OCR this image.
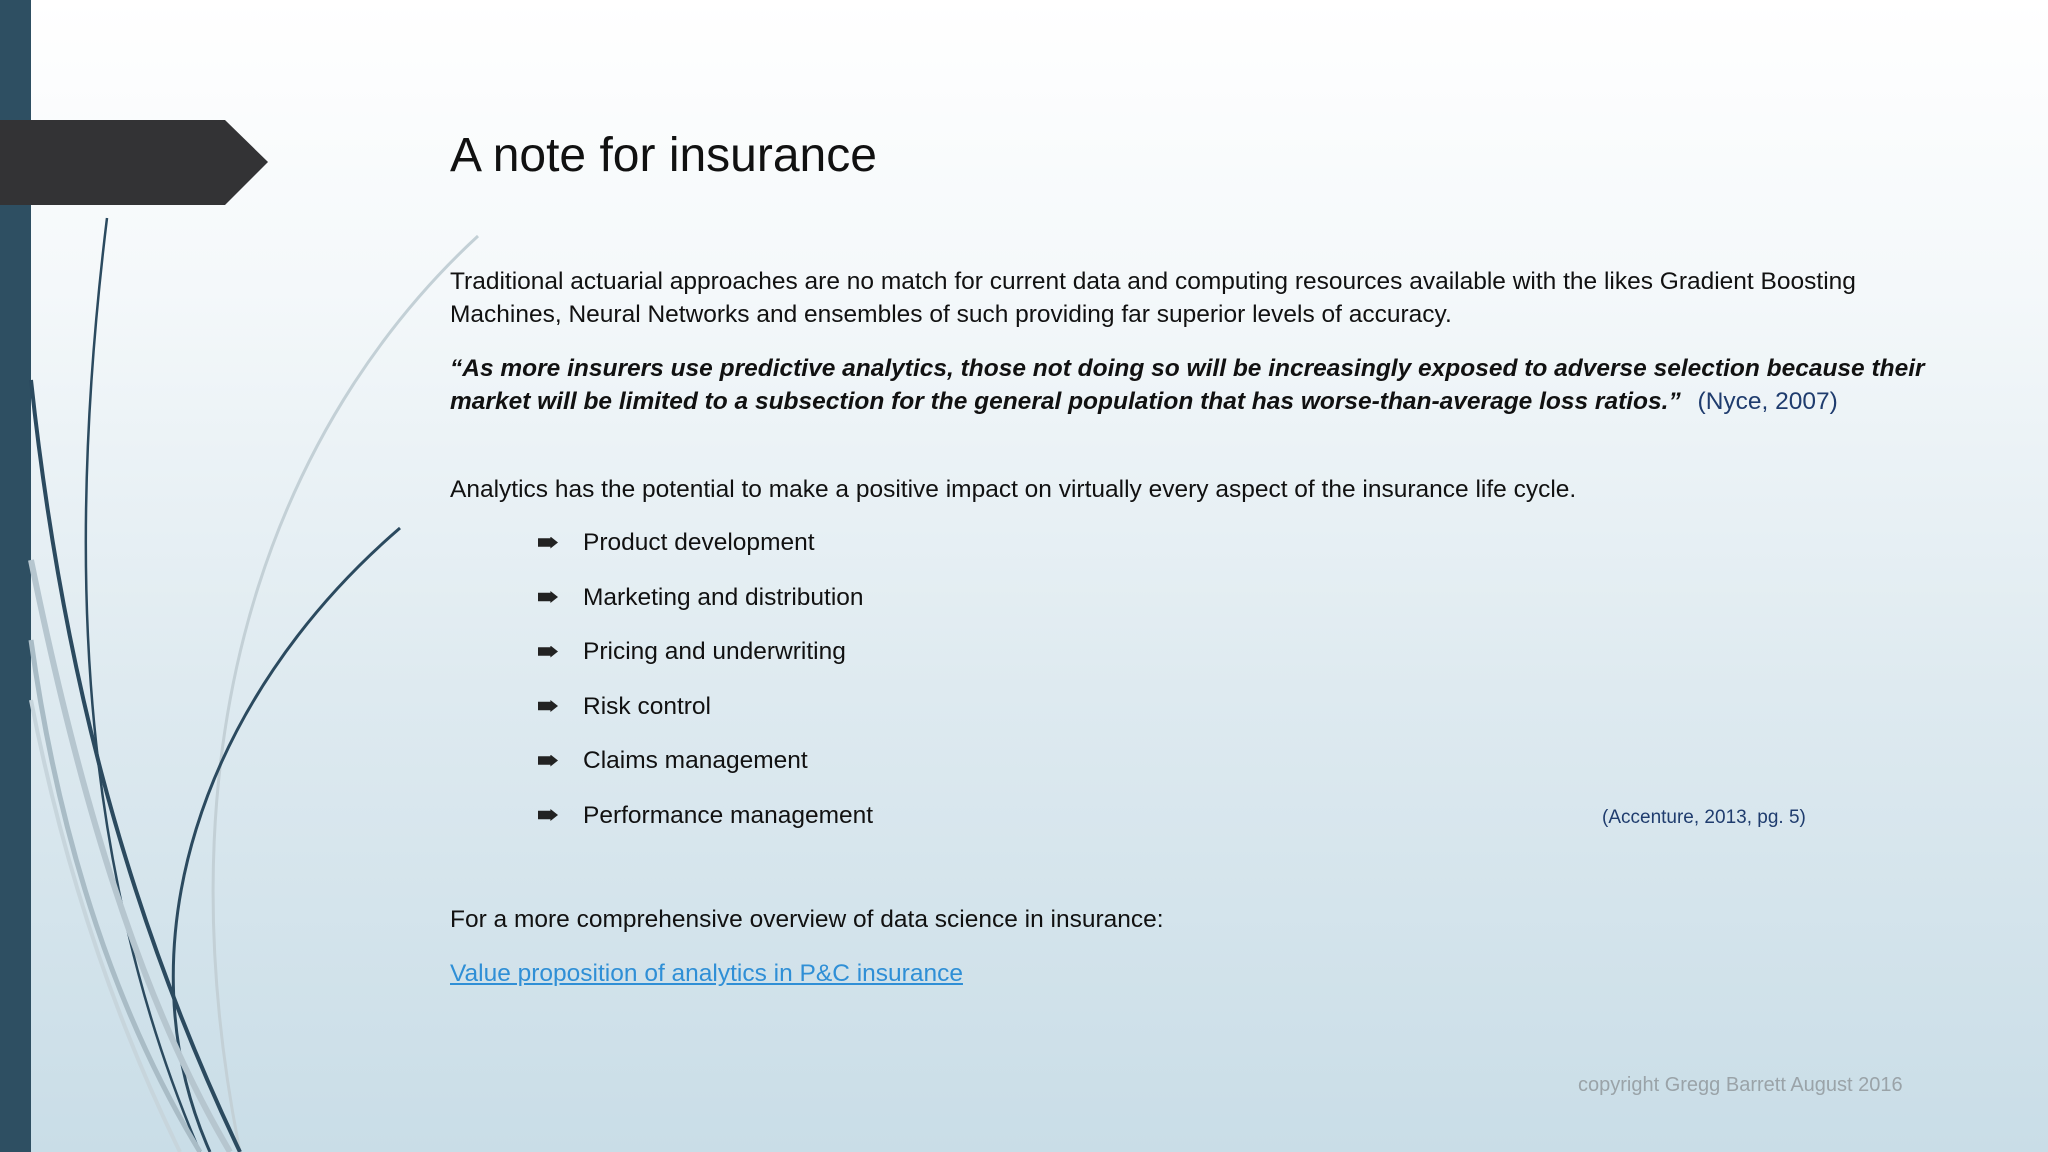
A note for insurance

Traditional actuarial approaches are no match for current data and computing resources available with the likes Gradient Boosting Machines, Neural Networks and ensembles of such providing far superior levels of accuracy.

“As more insurers use predictive analytics, those not doing so will be increasingly exposed to adverse selection because their market will be limited to a subsection for the general population that has worse-than-average loss ratios.” (Nyce, 2007)

Analytics has the potential to make a positive impact on virtually every aspect of the insurance life cycle.

Product development
Marketing and distribution
Pricing and underwriting
Risk control
Claims management
Performance management

For a more comprehensive overview of data science in insurance:

Value proposition of analytics in P&C insurance
(Accenture, 2013, pg. 5)
copyright Gregg Barrett August 2016
